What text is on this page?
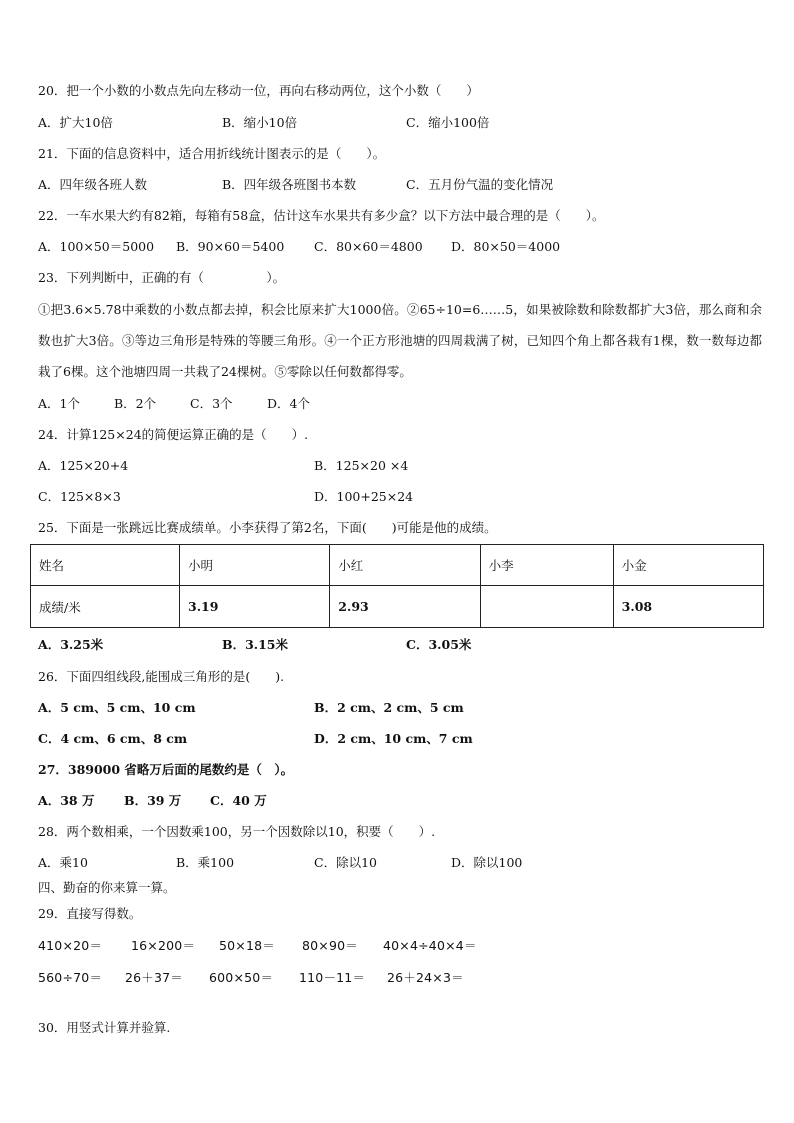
20．把一个小数的小数点先向左移动一位，再向右移动两位，这个小数（　　）
A．扩大10倍	B．缩小10倍	C．缩小100倍
21．下面的信息资料中，适合用折线统计图表示的是（　　）。
A．四年级各班人数	B．四年级各班图书本数	C．五月份气温的变化情况
22．一车水果大约有82箱，每箱有58盒，估计这车水果共有多少盒？以下方法中最合理的是（　　）。
A．100×50＝5000 B．90×60＝5400 C．80×60＝4800 D．80×50＝4000
23．下列判断中，正确的有（　　　　　）。
①把3.6×5.78中乘数的小数点都去掉，积会比原来扩大1000倍。②65÷10=6……5，如果被除数和除数都扩大3倍，那么商和余数也扩大3倍。③等边三角形是特殊的等腰三角形。④一个正方形池塘的四周栽满了树，已知四个角上都各栽有1棵，数一数每边都栽了6棵。这个池塘四周一共栽了24棵树。⑤零除以任何数都得零。
A．1个	B．2个	C．3个	D．4个
24．计算125×24的简便运算正确的是（　　）.
A．125×20+4	B．125×20 ×4
C．125×8×3	D．100+25×24
25．下面是一张跳远比赛成绩单。小李获得了第2名，下面(　　)可能是他的成绩。
姓名	小明	小红	小李	小金
成绩/米	3.19	2.93		3.08
A．3.25米	B．3.15米	C．3.05米
26．下面四组线段,能围成三角形的是(　　).
A．5 cm、5 cm、10 cm	B．2 cm、2 cm、5 cm
C．4 cm、6 cm、8 cm	D．2 cm、10 cm、7 cm
27．389000 省略万后面的尾数约是（　）。
A．38 万 B．39 万 C．40 万
28．两个数相乘，一个因数乘100，另一个因数除以10，积要（　　）.
A．乘10	B．乘100	C．除以10	D．除以100
四、勤奋的你来算一算。
29．直接写得数。
410×20＝ 16×200＝ 50×18＝ 80×90＝ 40×4÷40×4＝
560÷70＝ 26＋37＝ 600×50＝ 110－11＝ 26＋24×3＝
30．用竖式计算并验算.
